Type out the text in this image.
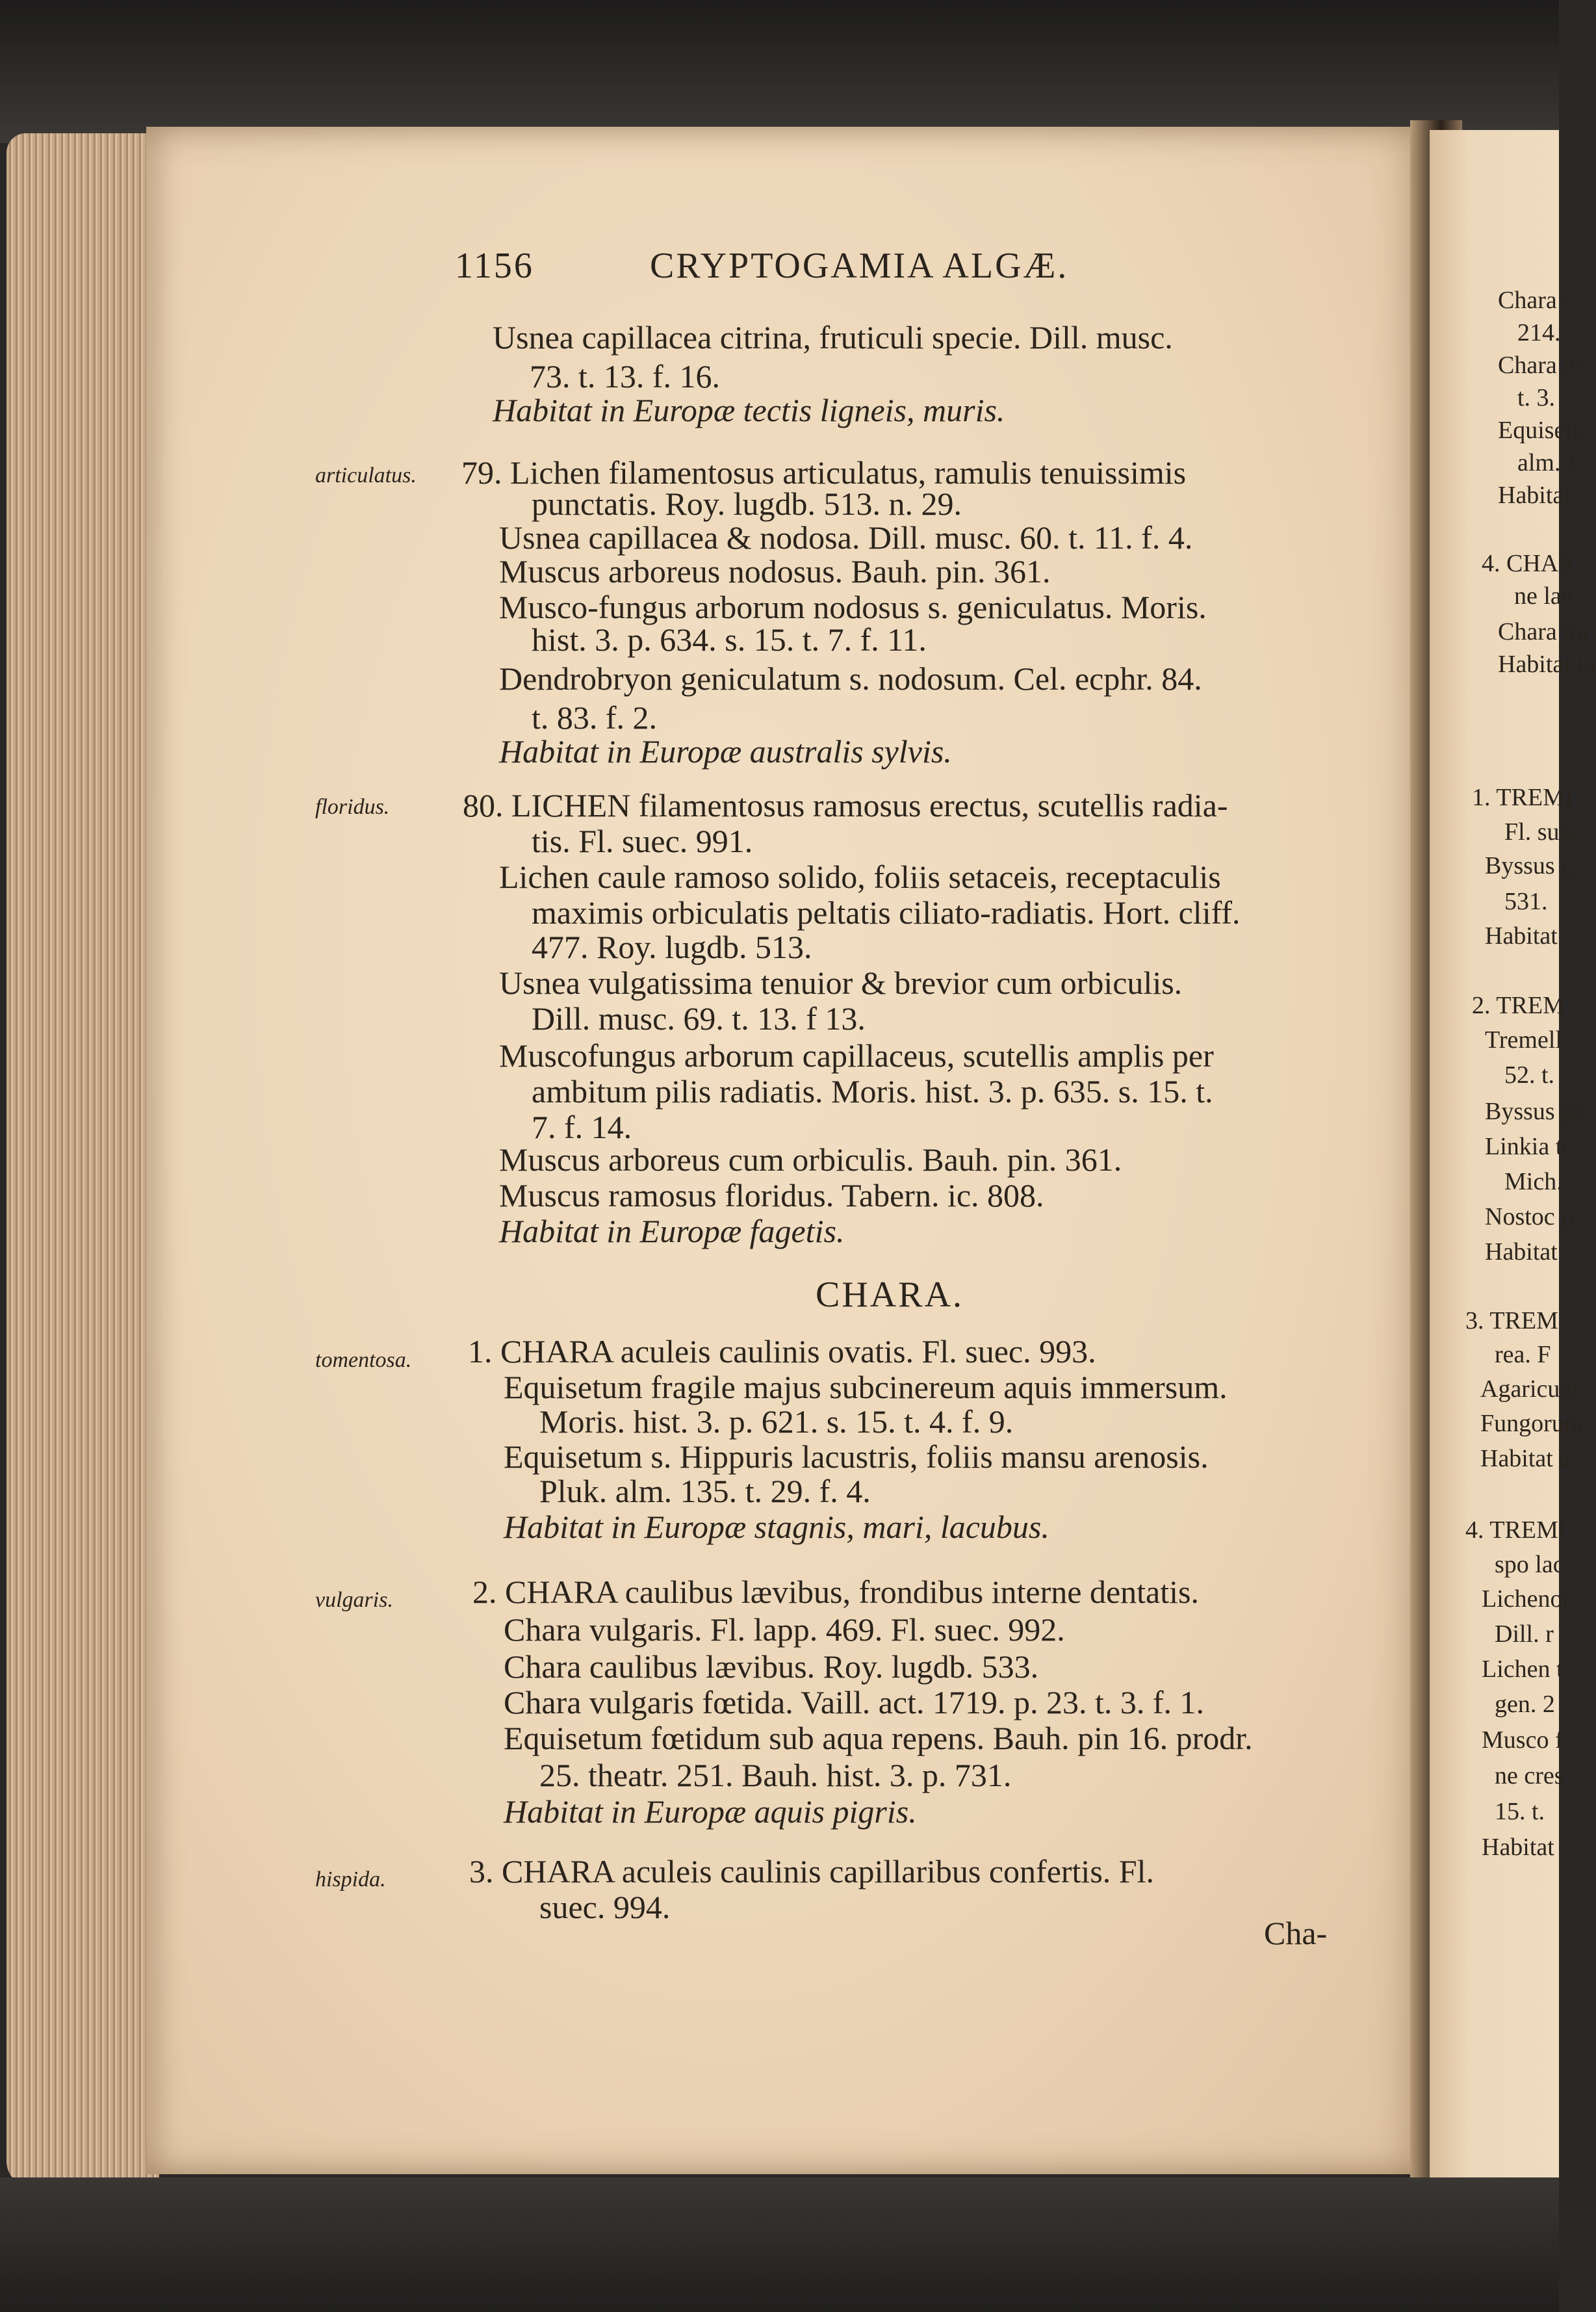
1156	CRYPTOGAMIA ALGÆ.
articulatus.
floridus.
tomentosa.
vulgaris.
hispida.
CHARA.
Usnea capillacea citrina, fruticuli specie. Dill. musc.
73. t. 13. f. 16.
Habitat in Europæ tectis ligneis, muris.
79. Lichen filamentosus articulatus, ramulis tenuissimis
punctatis. Roy. lugdb. 513. n. 29.
Usnea capillacea & nodosa. Dill. musc. 60. t. 11. f. 4.
Muscus arboreus nodosus. Bauh. pin. 361.
Musco-fungus arborum nodosus s. geniculatus. Moris.
hist. 3. p. 634. s. 15. t. 7. f. 11.
Dendrobryon geniculatum s. nodosum. Cel. ecphr. 84.
t. 83. f. 2.
Habitat in Europæ australis sylvis.
80. LICHEN filamentosus ramosus erectus, scutellis radia-
tis. Fl. suec. 991.
Lichen caule ramoso solido, foliis setaceis, receptaculis
maximis orbiculatis peltatis ciliato-radiatis. Hort. cliff.
477. Roy. lugdb. 513.
Usnea vulgatissima tenuior & brevior cum orbiculis.
Dill. musc. 69. t. 13. f 13.
Muscofungus arborum capillaceus, scutellis amplis per
ambitum pilis radiatis. Moris. hist. 3. p. 635. s. 15. t.
7. f. 14.
Muscus arboreus cum orbiculis. Bauh. pin. 361.
Muscus ramosus floridus. Tabern. ic. 808.
Habitat in Europæ fagetis.
1. CHARA aculeis caulinis ovatis. Fl. suec. 993.
Equisetum fragile majus subcinereum aquis immersum.
Moris. hist. 3. p. 621. s. 15. t. 4. f. 9.
Equisetum s. Hippuris lacustris, foliis mansu arenosis.
Pluk. alm. 135. t. 29. f. 4.
Habitat in Europæ stagnis, mari, lacubus.
2. CHARA caulibus lævibus, frondibus interne dentatis.
Chara vulgaris. Fl. lapp. 469. Fl. suec. 992.
Chara caulibus lævibus. Roy. lugdb. 533.
Chara vulgaris fœtida. Vaill. act. 1719. p. 23. t. 3. f. 1.
Equisetum fœtidum sub aqua repens. Bauh. pin 16. prodr.
25. theatr. 251. Bauh. hist. 3. p. 731.
Habitat in Europæ aquis pigris.
3. CHARA aculeis caulinis capillaribus confertis. Fl.
suec. 994.
Cha-
Chara c
214.
Chara m
t. 3.
Equisetu
alm. 1
Habitat
4. CHAR
ne lan
Chara tra
Habitat in
1. TREMI
Fl. suec
Byssus g
531.
Habitat
2. TREM
Tremell
52. t.
Byssus ge
Linkia te
Mich.
Nostoc p
Habitat
3. TREM
rea. F
Agaricum
Fungorum
Habitat a
4. TREMI
spo lac
Lichenoi
Dill. r
Lichen t
gen. 2
Musco f
ne cres
15. t.
Habitat
